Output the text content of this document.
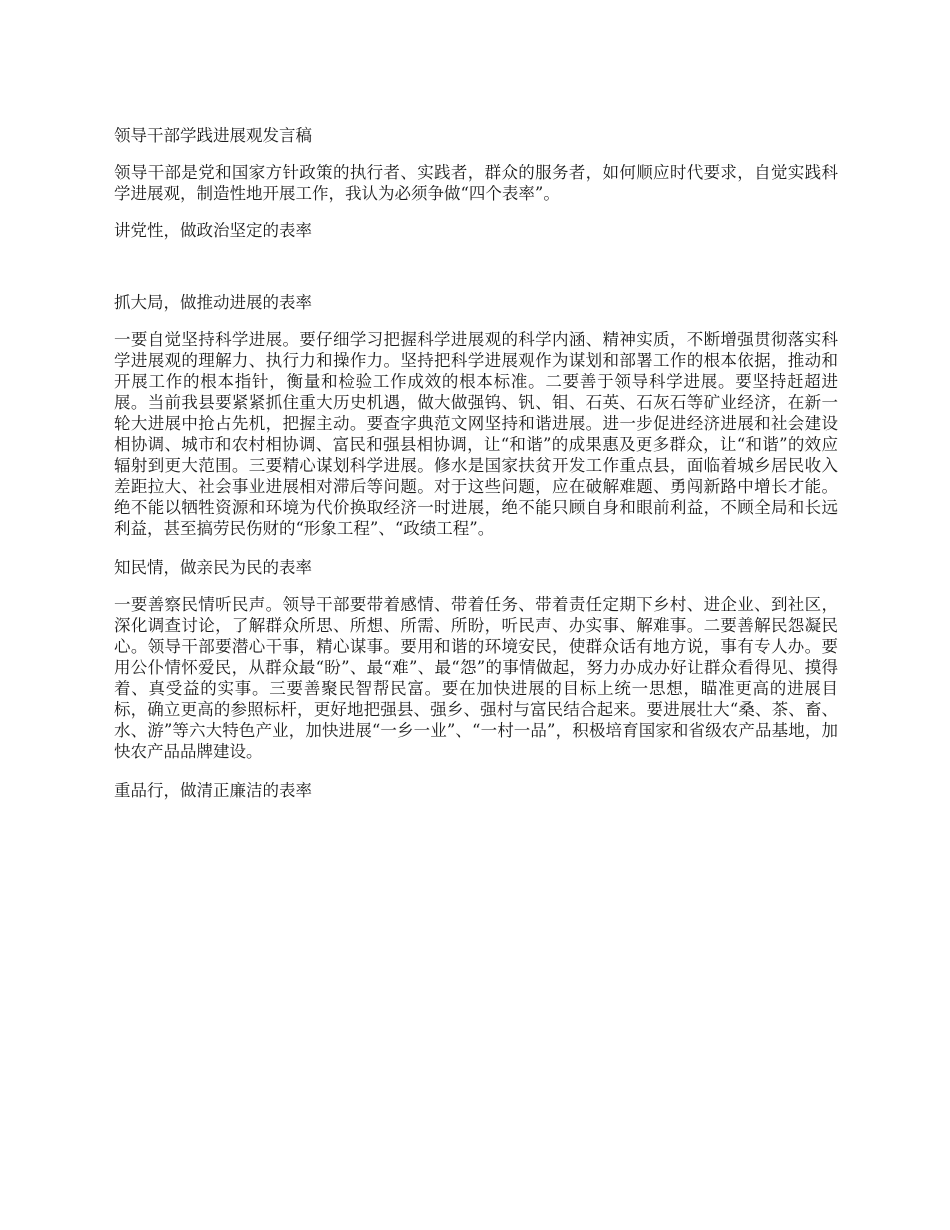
领导干部学践进展观发言稿

领导干部是党和国家方针政策的执行者、实践者，群众的服务者，如何顺应时代要求，自觉实践科学进展观，制造性地开展工作，我认为必须争做“四个表率”。

讲党性，做政治坚定的表率

抓大局，做推动进展的表率

一要自觉坚持科学进展。要仔细学习把握科学进展观的科学内涵、精神实质，不断增强贯彻落实科学进展观的理解力、执行力和操作力。坚持把科学进展观作为谋划和部署工作的根本依据，推动和开展工作的根本指针，衡量和检验工作成效的根本标准。二要善于领导科学进展。要坚持赶超进展。当前我县要紧紧抓住重大历史机遇，做大做强钨、钒、钼、石英、石灰石等矿业经济，在新一轮大进展中抢占先机，把握主动。要查字典范文网坚持和谐进展。进一步促进经济进展和社会建设相协调、城市和农村相协调、富民和强县相协调，让“和谐”的成果惠及更多群众，让“和谐”的效应辐射到更大范围。三要精心谋划科学进展。修水是国家扶贫开发工作重点县，面临着城乡居民收入差距拉大、社会事业进展相对滞后等问题。对于这些问题，应在破解难题、勇闯新路中增长才能。绝不能以牺牲资源和环境为代价换取经济一时进展，绝不能只顾自身和眼前利益，不顾全局和长远利益，甚至搞劳民伤财的“形象工程”、“政绩工程”。

知民情，做亲民为民的表率

一要善察民情听民声。领导干部要带着感情、带着任务、带着责任定期下乡村、进企业、到社区，深化调查讨论，了解群众所思、所想、所需、所盼，听民声、办实事、解难事。二要善解民怨凝民心。领导干部要潜心干事，精心谋事。要用和谐的环境安民，使群众话有地方说，事有专人办。要用公仆情怀爱民，从群众最“盼”、最“难”、最“怨”的事情做起，努力办成办好让群众看得见、摸得着、真受益的实事。三要善聚民智帮民富。要在加快进展的目标上统一思想，瞄准更高的进展目标，确立更高的参照标杆，更好地把强县、强乡、强村与富民结合起来。要进展壮大“桑、茶、畜、水、游”等六大特色产业，加快进展“一乡一业”、“一村一品”，积极培育国家和省级农产品基地，加快农产品品牌建设。

重品行，做清正廉洁的表率
